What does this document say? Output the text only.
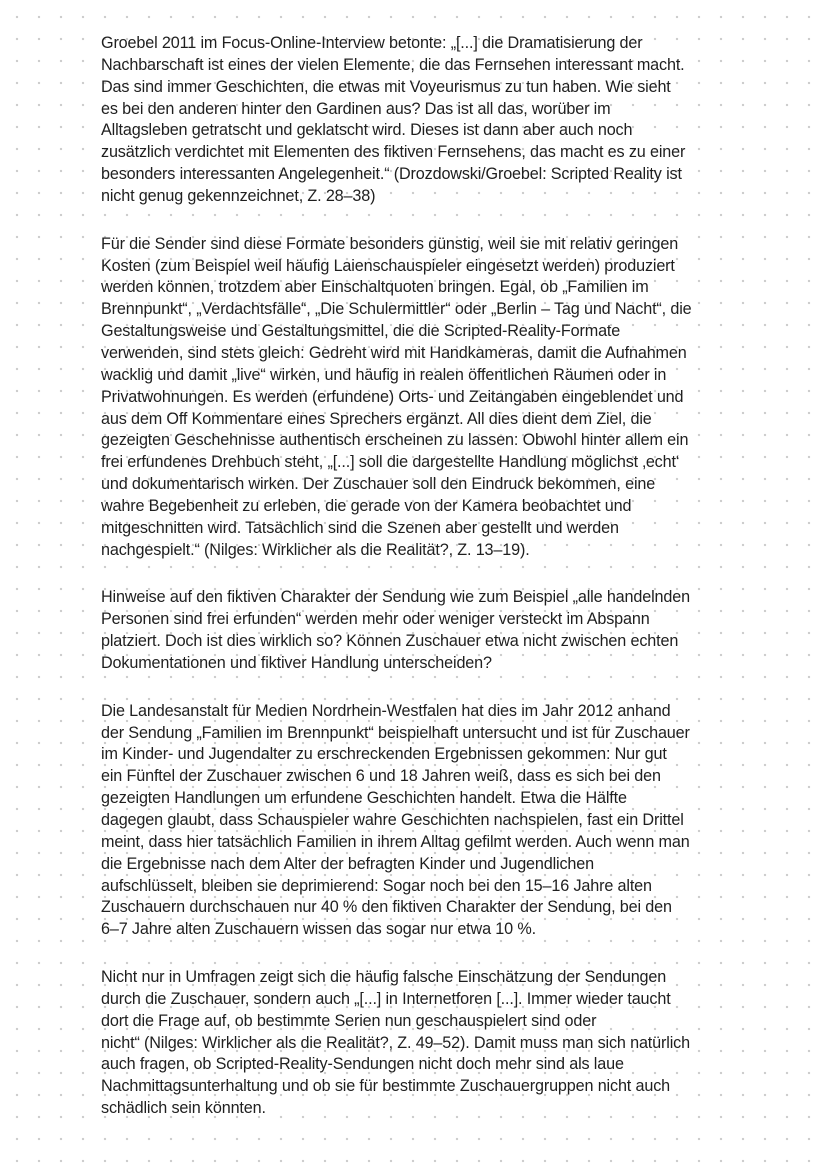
Groebel 2011 im Focus-Online-Interview betonte: „[...] die Dramatisierung der
Nachbarschaft ist eines der vielen Elemente, die das Fernsehen interessant macht.
Das sind immer Geschichten, die etwas mit Voyeurismus zu tun haben. Wie sieht
es bei den anderen hinter den Gardinen aus? Das ist all das, worüber im
Alltagsleben getratscht und geklatscht wird. Dieses ist dann aber auch noch
zusätzlich verdichtet mit Elementen des fiktiven Fernsehens, das macht es zu einer
besonders interessanten Angelegenheit.“ (Drozdowski/Groebel: Scripted Reality ist
nicht genug gekennzeichnet, Z. 28–38)

Für die Sender sind diese Formate besonders günstig, weil sie mit relativ geringen
Kosten (zum Beispiel weil häufig Laienschauspieler eingesetzt werden) produziert
werden können, trotzdem aber Einschaltquoten bringen. Egal, ob „Familien im
Brennpunkt“, „Verdachtsfälle“, „Die Schulermittler“ oder „Berlin – Tag und Nacht“, die
Gestaltungsweise und Gestaltungsmittel, die die Scripted-Reality-Formate
verwenden, sind stets gleich: Gedreht wird mit Handkameras, damit die Aufnahmen
wacklig und damit „live“ wirken, und häufig in realen öffentlichen Räumen oder in
Privatwohnungen. Es werden (erfundene) Orts- und Zeitangaben eingeblendet und
aus dem Off Kommentare eines Sprechers ergänzt. All dies dient dem Ziel, die
gezeigten Geschehnisse authentisch erscheinen zu lassen: Obwohl hinter allem ein
frei erfundenes Drehbuch steht, „[...] soll die dargestellte Handlung möglichst ‚echt‘
und dokumentarisch wirken. Der Zuschauer soll den Eindruck bekommen, eine
wahre Begebenheit zu erleben, die gerade von der Kamera beobachtet und
mitgeschnitten wird. Tatsächlich sind die Szenen aber gestellt und werden
nachgespielt.“ (Nilges: Wirklicher als die Realität?, Z. 13–19).

Hinweise auf den fiktiven Charakter der Sendung wie zum Beispiel „alle handelnden
Personen sind frei erfunden“ werden mehr oder weniger versteckt im Abspann
platziert. Doch ist dies wirklich so? Können Zuschauer etwa nicht zwischen echten
Dokumentationen und fiktiver Handlung unterscheiden?

Die Landesanstalt für Medien Nordrhein-Westfalen hat dies im Jahr 2012 anhand
der Sendung „Familien im Brennpunkt“ beispielhaft untersucht und ist für Zuschauer
im Kinder- und Jugendalter zu erschreckenden Ergebnissen gekommen: Nur gut
ein Fünftel der Zuschauer zwischen 6 und 18 Jahren weiß, dass es sich bei den
gezeigten Handlungen um erfundene Geschichten handelt. Etwa die Hälfte
dagegen glaubt, dass Schauspieler wahre Geschichten nachspielen, fast ein Drittel
meint, dass hier tatsächlich Familien in ihrem Alltag gefilmt werden. Auch wenn man
die Ergebnisse nach dem Alter der befragten Kinder und Jugendlichen
aufschlüsselt, bleiben sie deprimierend: Sogar noch bei den 15–16 Jahre alten
Zuschauern durchschauen nur 40 % den fiktiven Charakter der Sendung, bei den
6–7 Jahre alten Zuschauern wissen das sogar nur etwa 10 %.

Nicht nur in Umfragen zeigt sich die häufig falsche Einschätzung der Sendungen
durch die Zuschauer, sondern auch „[...] in Internetforen [...]. Immer wieder taucht
dort die Frage auf, ob bestimmte Serien nun geschauspielert sind oder
nicht“ (Nilges: Wirklicher als die Realität?, Z. 49–52). Damit muss man sich natürlich
auch fragen, ob Scripted-Reality-Sendungen nicht doch mehr sind als laue
Nachmittagsunterhaltung und ob sie für bestimmte Zuschauergruppen nicht auch
schädlich sein könnten.
